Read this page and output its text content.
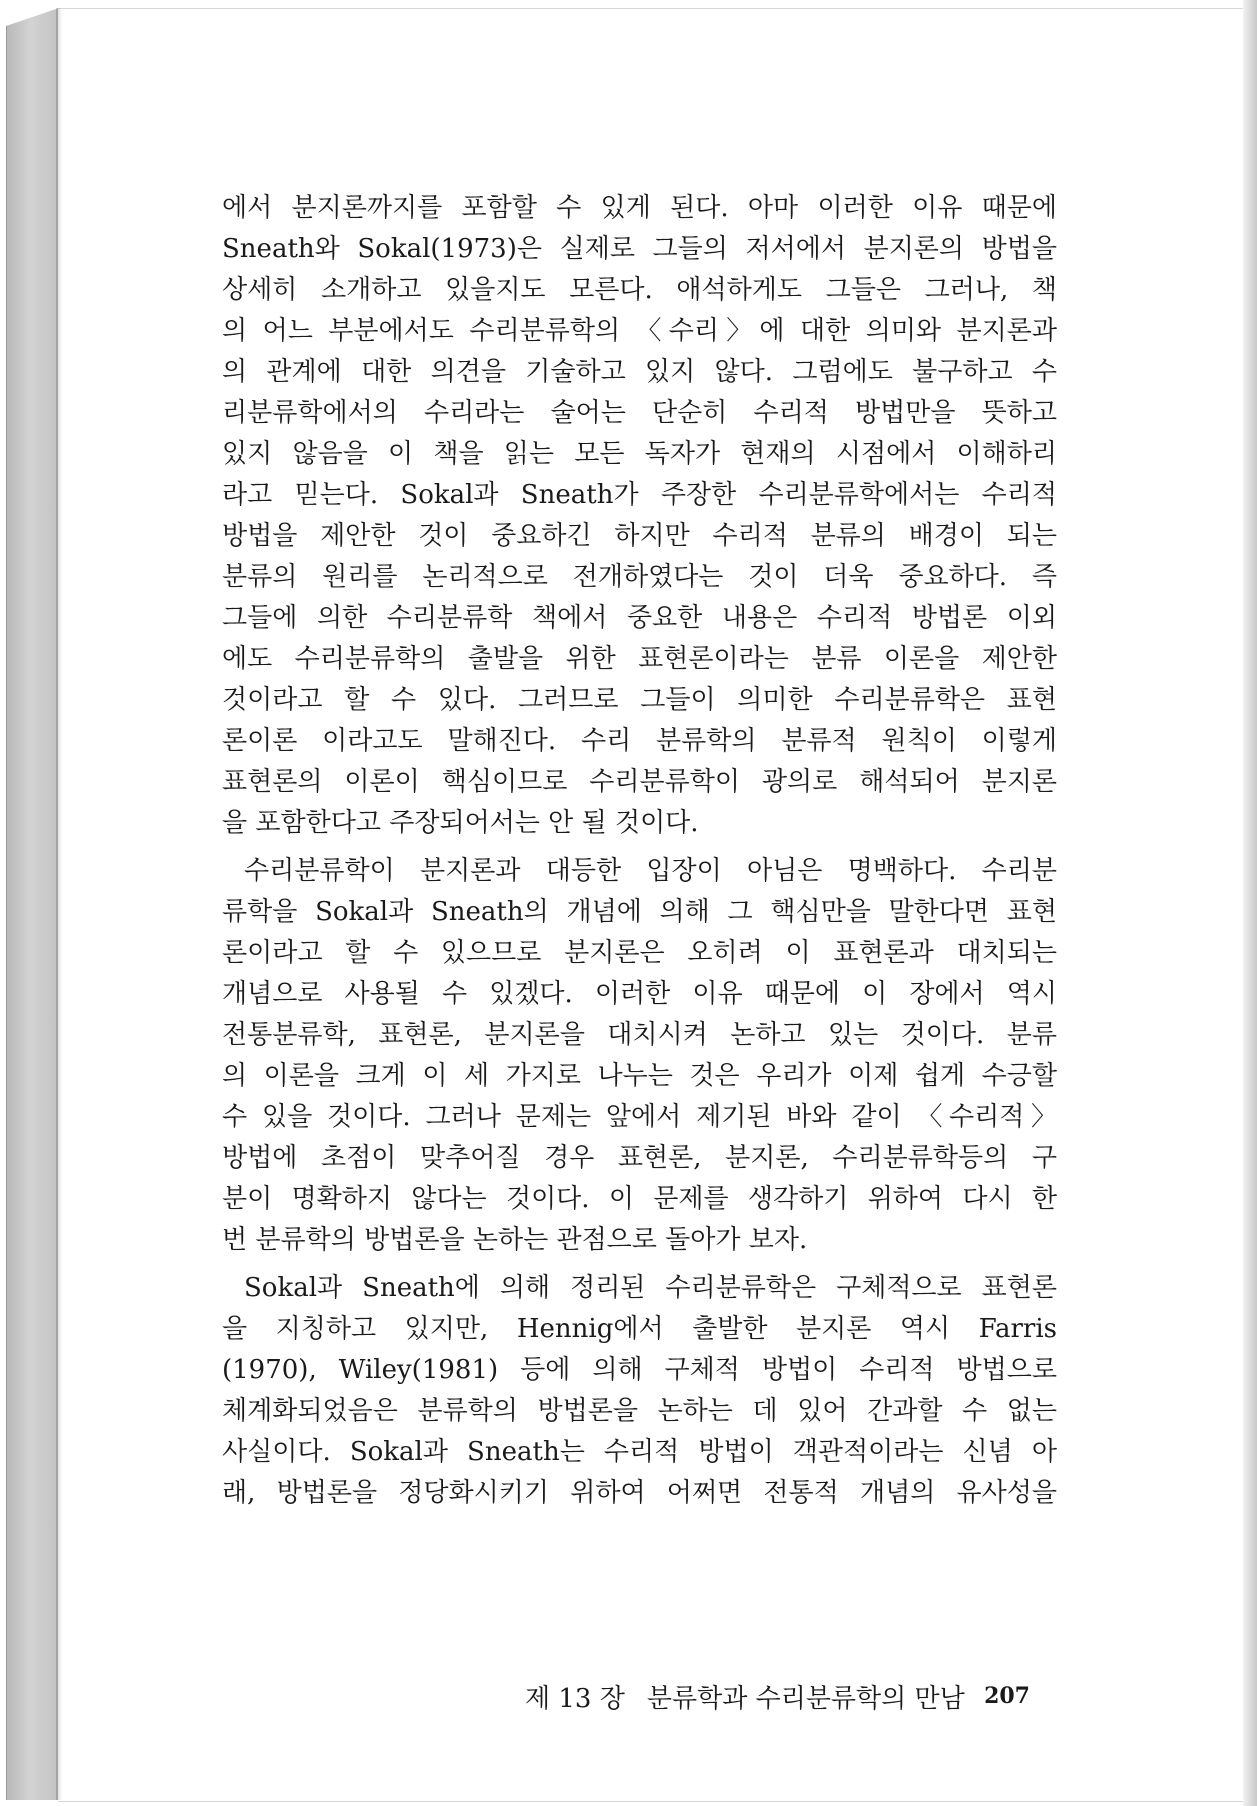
에서 분지론까지를 포함할 수 있게 된다. 아마 이러한 이유 때문에
Sneath와 Sokal(1973)은 실제로 그들의 저서에서 분지론의 방법을
상세히 소개하고 있을지도 모른다. 애석하게도 그들은 그러나, 책
의 어느 부분에서도 수리분류학의 〈수리〉에 대한 의미와 분지론과
의 관계에 대한 의견을 기술하고 있지 않다. 그럼에도 불구하고 수
리분류학에서의 수리라는 술어는 단순히 수리적 방법만을 뜻하고
있지 않음을 이 책을 읽는 모든 독자가 현재의 시점에서 이해하리
라고 믿는다. Sokal과 Sneath가 주장한 수리분류학에서는 수리적
방법을 제안한 것이 중요하긴 하지만 수리적 분류의 배경이 되는
분류의 원리를 논리적으로 전개하였다는 것이 더욱 중요하다. 즉
그들에 의한 수리분류학 책에서 중요한 내용은 수리적 방법론 이외
에도 수리분류학의 출발을 위한 표현론이라는 분류 이론을 제안한
것이라고 할 수 있다. 그러므로 그들이 의미한 수리분류학은 표현
론이론 이라고도 말해진다. 수리 분류학의 분류적 원칙이 이렇게
표현론의 이론이 핵심이므로 수리분류학이 광의로 해석되어 분지론
을 포함한다고 주장되어서는 안 될 것이다.
수리분류학이 분지론과 대등한 입장이 아님은 명백하다. 수리분
류학을 Sokal과 Sneath의 개념에 의해 그 핵심만을 말한다면 표현
론이라고 할 수 있으므로 분지론은 오히려 이 표현론과 대치되는
개념으로 사용될 수 있겠다. 이러한 이유 때문에 이 장에서 역시
전통분류학, 표현론, 분지론을 대치시켜 논하고 있는 것이다. 분류
의 이론을 크게 이 세 가지로 나누는 것은 우리가 이제 쉽게 수긍할
수 있을 것이다. 그러나 문제는 앞에서 제기된 바와 같이 〈수리적〉
방법에 초점이 맞추어질 경우 표현론, 분지론, 수리분류학등의 구
분이 명확하지 않다는 것이다. 이 문제를 생각하기 위하여 다시 한
번 분류학의 방법론을 논하는 관점으로 돌아가 보자.
Sokal과 Sneath에 의해 정리된 수리분류학은 구체적으로 표현론
을 지칭하고 있지만, Hennig에서 출발한 분지론 역시 Farris
(1970), Wiley(1981) 등에 의해 구체적 방법이 수리적 방법으로
체계화되었음은 분류학의 방법론을 논하는 데 있어 간과할 수 없는
사실이다. Sokal과 Sneath는 수리적 방법이 객관적이라는 신념 아
래, 방법론을 정당화시키기 위하여 어쩌면 전통적 개념의 유사성을
제 13 장 분류학과 수리분류학의 만남 207
